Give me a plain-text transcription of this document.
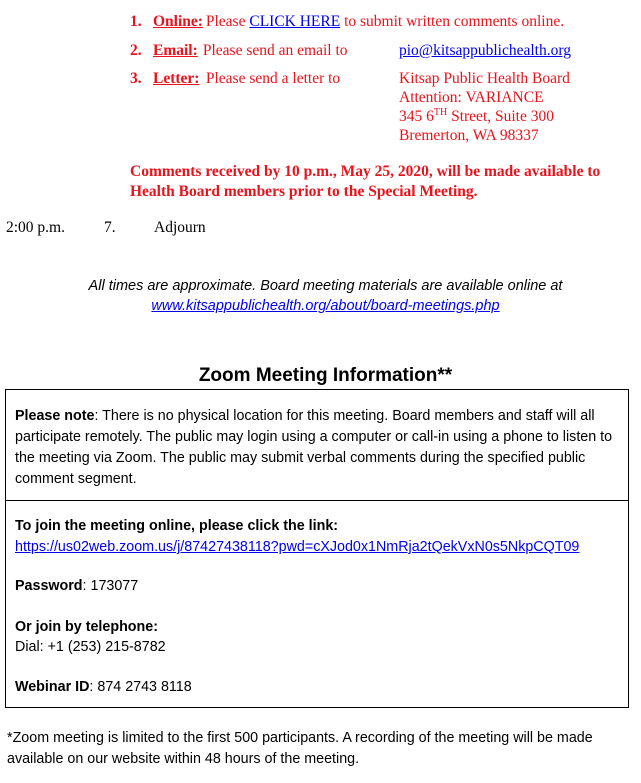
1. Online: Please CLICK HERE to submit written comments online.
2. Email: Please send an email to	pio@kitsappublichealth.org
3. Letter: Please send a letter to	Kitsap Public Health Board
Attention: VARIANCE
345 6TH Street, Suite 300
Bremerton, WA 98337
Comments received by 10 p.m., May 25, 2020, will be made available to Health Board members prior to the Special Meeting.
2:00 p.m.	7. Adjourn
All times are approximate. Board meeting materials are available online at
www.kitsappublichealth.org/about/board-meetings.php
Zoom Meeting Information**
Please note: There is no physical location for this meeting. Board members and staff will all participate remotely. The public may login using a computer or call-in using a phone to listen to the meeting via Zoom. The public may submit verbal comments during the specified public comment segment.
To join the meeting online, please click the link:
https://us02web.zoom.us/j/87427438118?pwd=cXJod0x1NmRja2tQekVxN0s5NkpCQT09
Password: 173077
Or join by telephone:
Dial: +1 (253) 215-8782
Webinar ID: 874 2743 8118
*Zoom meeting is limited to the first 500 participants. A recording of the meeting will be made available on our website within 48 hours of the meeting.
